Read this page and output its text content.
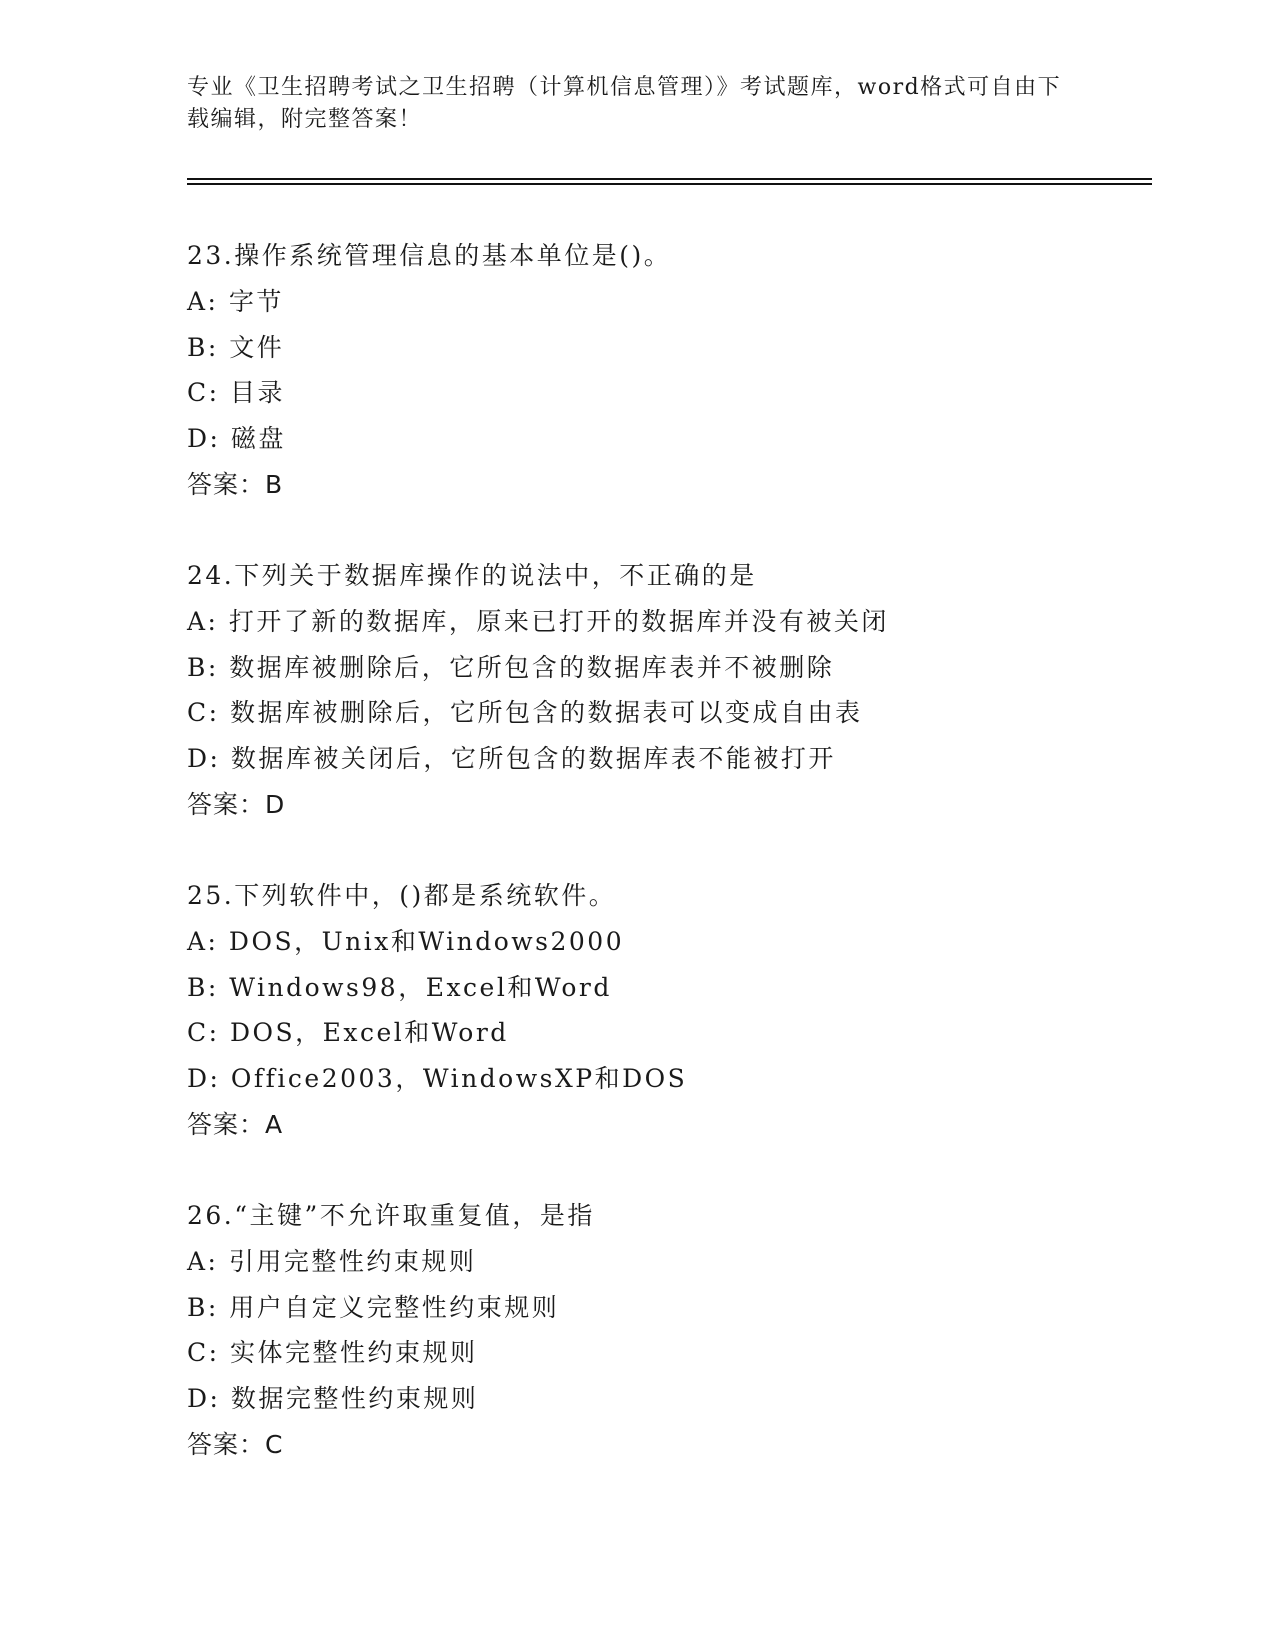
专业《卫生招聘考试之卫生招聘（计算机信息管理）》考试题库，word格式可自由下载编辑，附完整答案！
23.操作系统管理信息的基本单位是()。
A: 字节
B: 文件
C: 目录
D: 磁盘
答案：B
24.下列关于数据库操作的说法中，不正确的是
A: 打开了新的数据库，原来已打开的数据库并没有被关闭
B: 数据库被删除后，它所包含的数据库表并不被删除
C: 数据库被删除后，它所包含的数据表可以变成自由表
D: 数据库被关闭后，它所包含的数据库表不能被打开
答案：D
25.下列软件中，()都是系统软件。
A: DOS，Unix和Windows2000
B: Windows98，Excel和Word
C: DOS，Excel和Word
D: Office2003，WindowsXP和DOS
答案：A
26.“主键”不允许取重复值，是指
A: 引用完整性约束规则
B: 用户自定义完整性约束规则
C: 实体完整性约束规则
D: 数据完整性约束规则
答案：C
